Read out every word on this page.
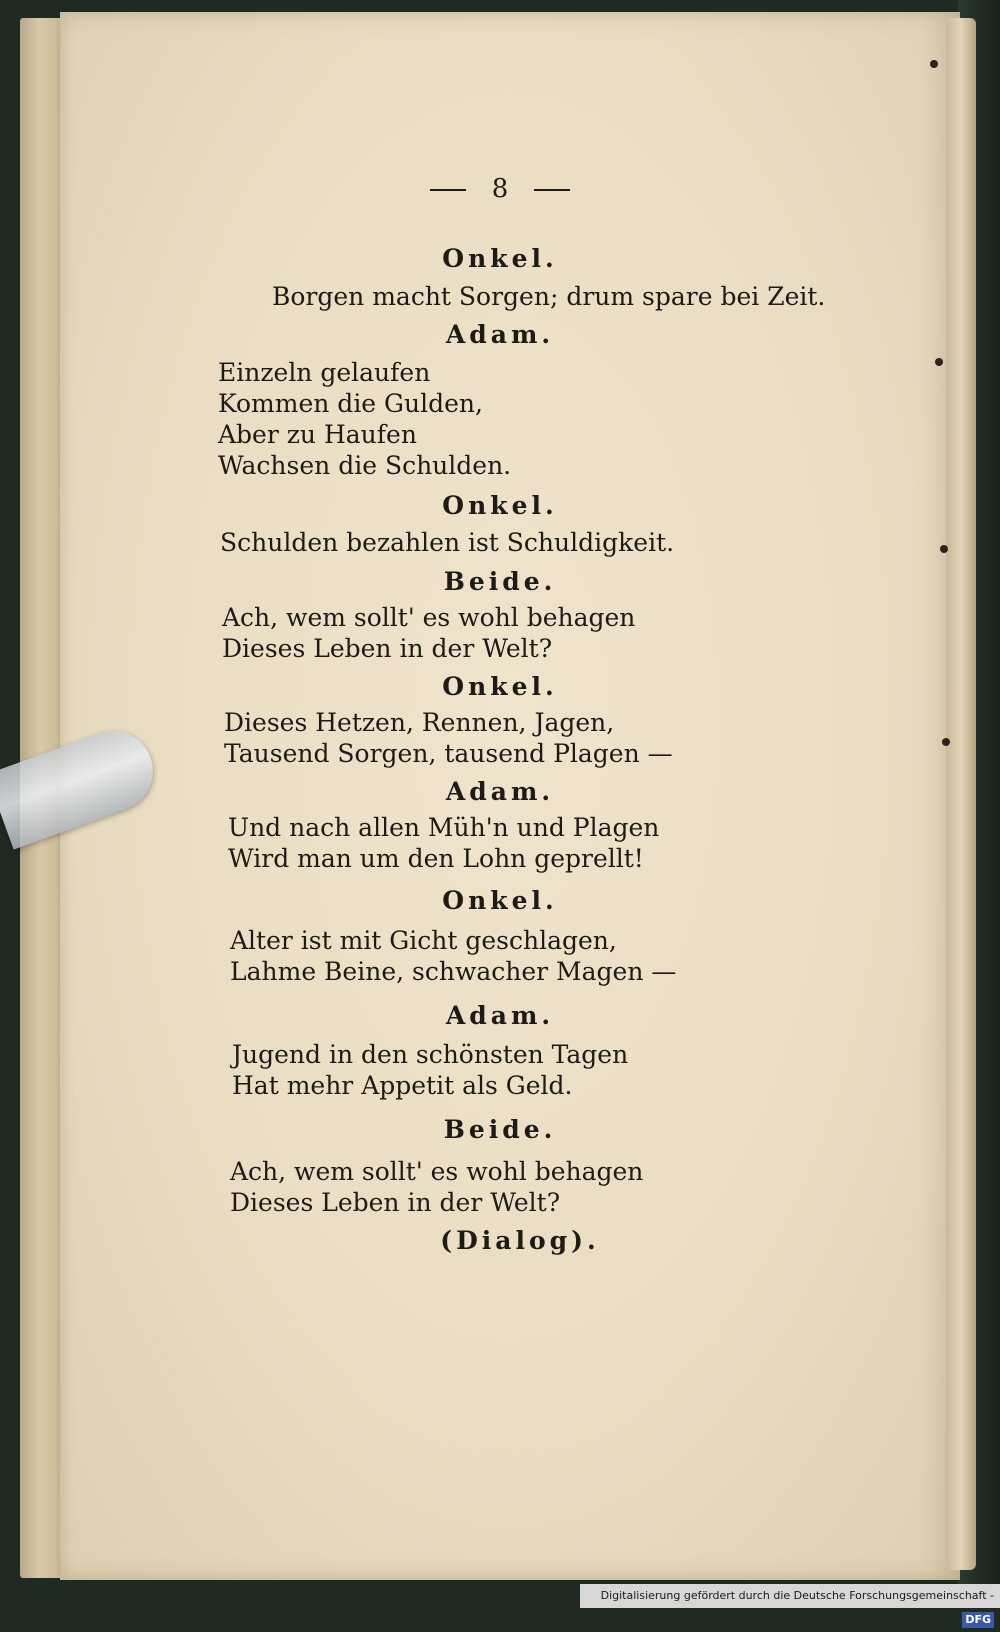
8
Onkel.
Borgen macht Sorgen; drum spare bei Zeit.
Adam.
Einzeln gelaufen
Kommen die Gulden,
Aber zu Haufen
Wachsen die Schulden.
Onkel.
Schulden bezahlen ist Schuldigkeit.
Beide.
Ach, wem sollt' es wohl behagen
Dieses Leben in der Welt?
Onkel.
Dieses Hetzen, Rennen, Jagen,
Tausend Sorgen, tausend Plagen —
Adam.
Und nach allen Müh'n und Plagen
Wird man um den Lohn geprellt!
Onkel.
Alter ist mit Gicht geschlagen,
Lahme Beine, schwacher Magen —
Adam.
Jugend in den schönsten Tagen
Hat mehr Appetit als Geld.
Beide.
Ach, wem sollt' es wohl behagen
Dieses Leben in der Welt?
(Dialog).
Digitalisierung gefördert durch die Deutsche Forschungsgemeinschaft -DFG
